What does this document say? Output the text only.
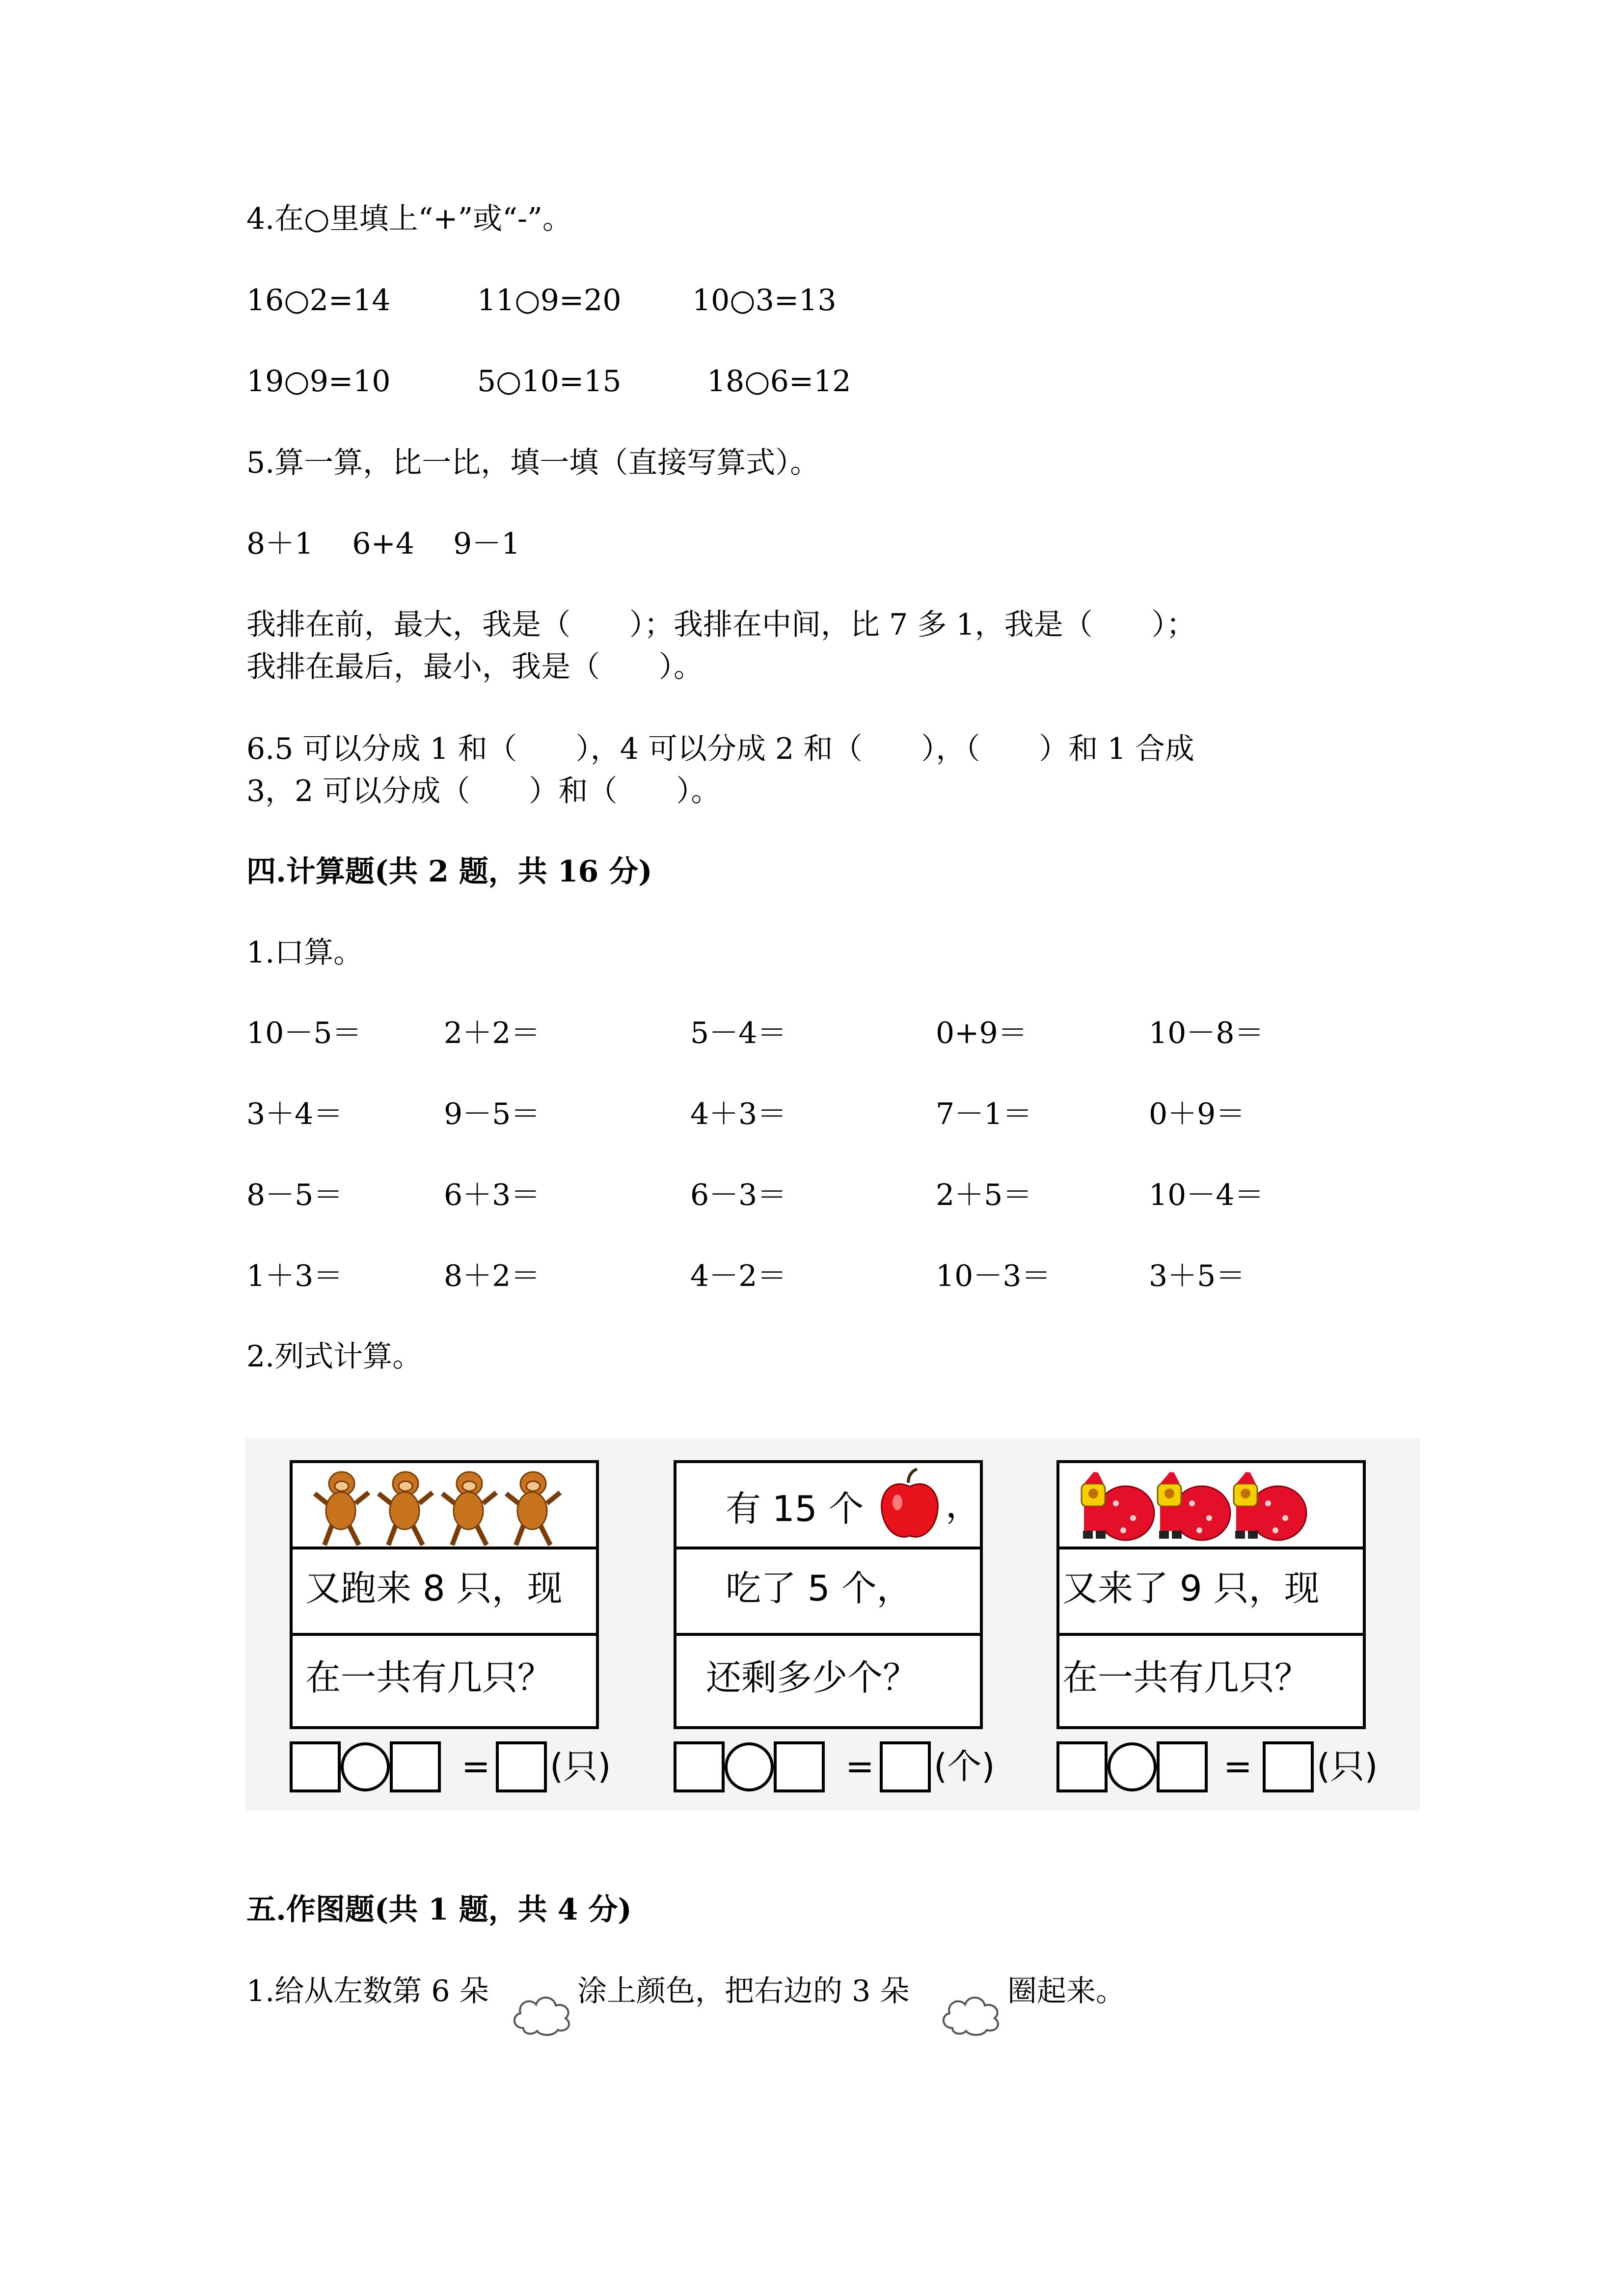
4.在○里填上“+”或“-”。
16○2=14	11○9=20 10○3=13
19○9=10	5○10=15	18○6=12
5.算一算，比一比，填一填（直接写算式）。
8＋1　 6+4　 9－1
我排在前，最大，我是（　　）；我排在中间，比 7 多 1，我是（　　）；
我排在最后，最小，我是（　　）。
6.5 可以分成 1 和（　　），4 可以分成 2 和（　　），（　　）和 1 合成
3，2 可以分成（　　）和（　　）。
四.计算题(共 2 题，共 16 分)
1.口算。
10－5＝	2＋2＝	5－4＝	0+9＝	10－8＝
3＋4＝	9－5＝	4＋3＝	7－1＝	0＋9＝
8－5＝	6＋3＝	6－3＝	2＋5＝	10－4＝
1＋3＝	8＋2＝	4－2＝	10－3＝	3＋5＝
2.列式计算。
又跑来 8 只，现
在一共有几只？
有 15 个 ，
吃了 5 个，
还剩多少个？
又来了 9 只，现
在一共有几只？
= (只)	= (个)	= (只)
五.作图题(共 1 题，共 4 分)
1.给从左数第 6 朵	涂上颜色，把右边的 3 朵	圈起来。
